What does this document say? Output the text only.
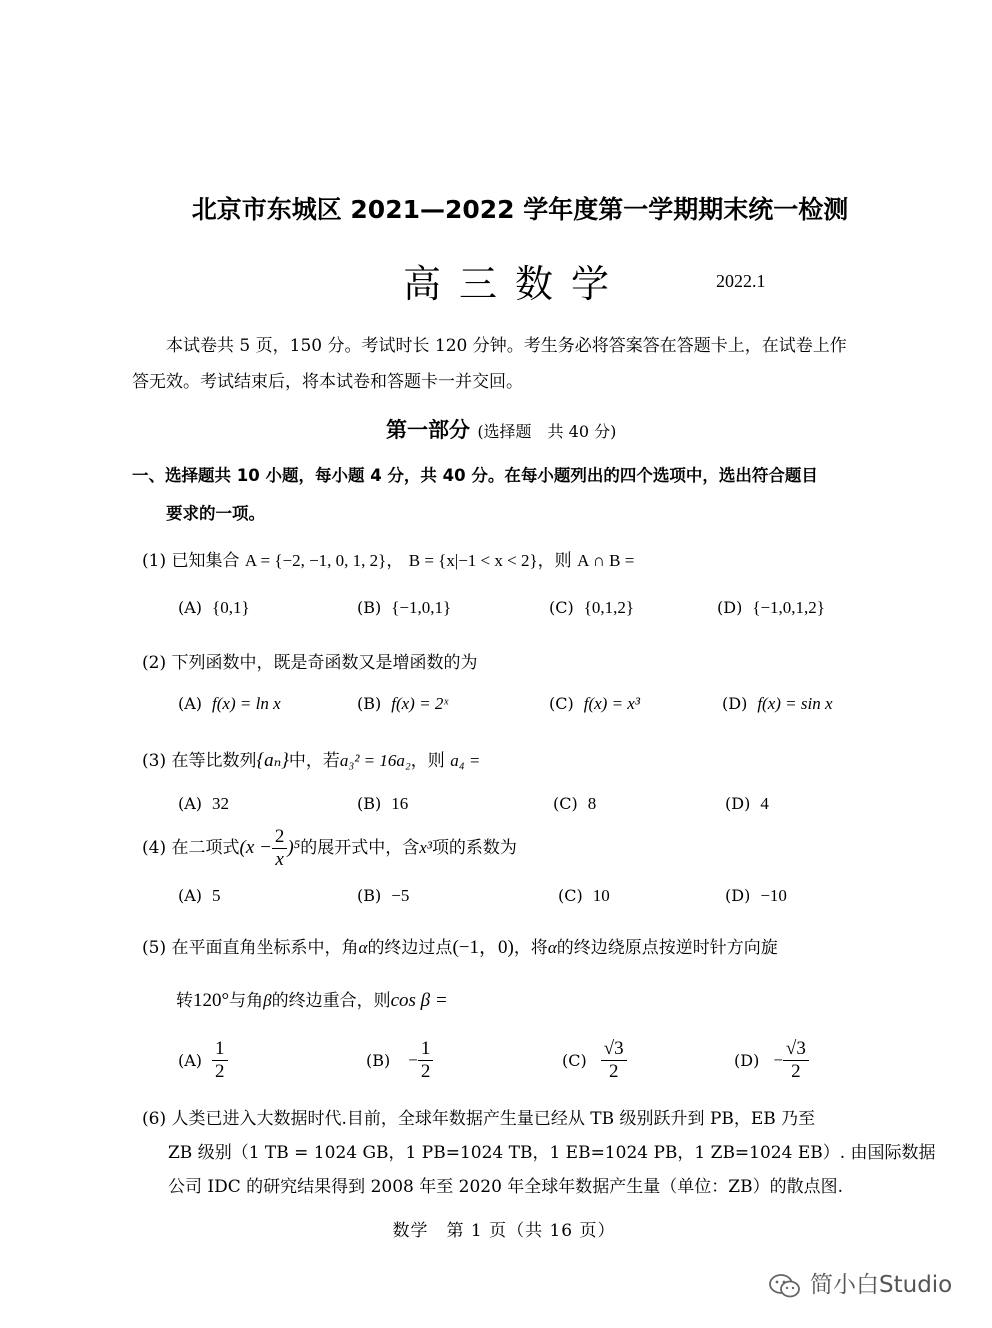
北京市东城区 2021—2022 学年度第一学期期末统一检测
高三数学	2022.1
本试卷共 5 页，150 分。考试时长 120 分钟。考生务必将答案答在答题卡上，在试卷上作答无效。考试结束后，将本试卷和答题卡一并交回。
第一部分 (选择题　共 40 分)
一、选择题共 10 小题，每小题 4 分，共 40 分。在每小题列出的四个选项中，选出符合题目
要求的一项。
(1) 已知集合 A = {−2, −1, 0, 1, 2}， B = {x|−1 < x < 2}，则 A ∩ B =
(A) {0,1}	(B) {−1,0,1}	(C) {0,1,2}	(D) {−1,0,1,2}
(2) 下列函数中，既是奇函数又是增函数的为
(A) f(x) = ln x	(B) f(x) = 2ˣ	(C) f(x) = x³	(D) f(x) = sin x
(3) 在等比数列{aₙ}中，若a₃² = 16a₂，则 a₄ =
(A) 32	(B) 16	(C) 8	(D) 4
(4) 在二项式$(x - \frac{2}{x} )^5$的展开式中，含x³项的系数为
(A) 5	(B) −5	(C) 10	(D) −10
(5) 在平面直角坐标系中，角α的终边过点(−1，0)，将α的终边绕原点按逆时针方向旋
转120°与角β的终边重合，则cos β =
$(A) \frac{1}{2}$	$(B) - \frac{1}{2}$	$(C) \frac{√3}{2}$	$(D) - \frac{√3}{2}$
(6) 人类已进入大数据时代.目前，全球年数据产生量已经从 TB 级别跃升到 PB，EB 乃至
ZB 级别（1 TB = 1024 GB，1 PB=1024 TB，1 EB=1024 PB，1 ZB=1024 EB）. 由国际数据
公司 IDC 的研究结果得到 2008 年至 2020 年全球年数据产生量（单位：ZB）的散点图.
数学　第 1 页（共 16 页）
简小白Studio
